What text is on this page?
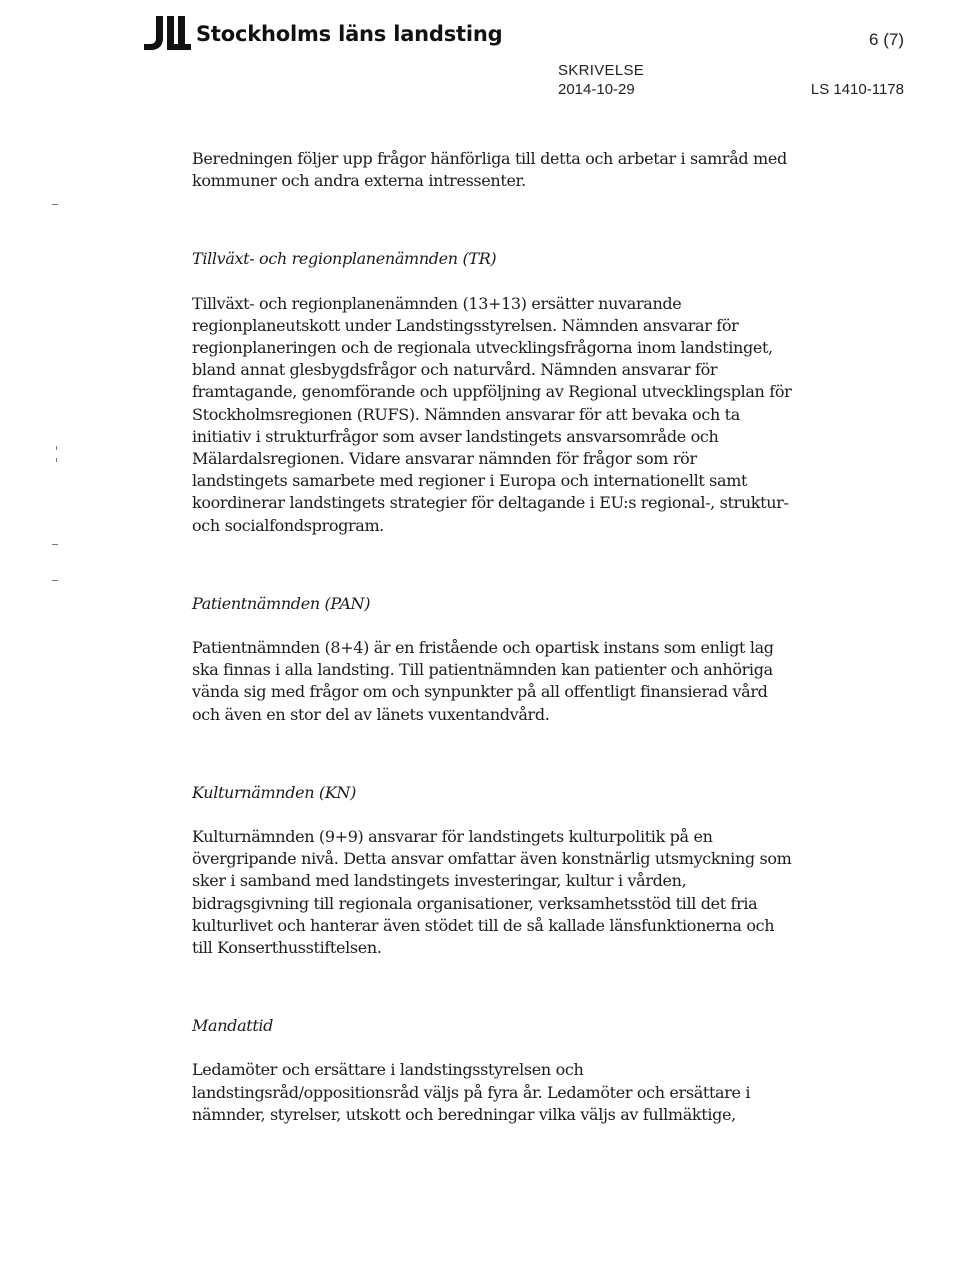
Stockholms läns landsting	6 (7)
SKRIVELSE
2014-10-29	LS 1410-1178

Beredningen följer upp frågor hänförliga till detta och arbetar i samråd med kommuner och andra externa intressenter.

Tillväxt- och regionplanenämnden (TR)

Tillväxt- och regionplanenämnden (13+13) ersätter nuvarande regionplaneutskott under Landstingsstyrelsen. Nämnden ansvarar för regionplaneringen och de regionala utvecklingsfrågorna inom landstinget, bland annat glesbygdsfrågor och naturvård. Nämnden ansvarar för framtagande, genomförande och uppföljning av Regional utvecklingsplan för Stockholmsregionen (RUFS). Nämnden ansvarar för att bevaka och ta initiativ i strukturfrågor som avser landstingets ansvarsområde och Mälardalsregionen. Vidare ansvarar nämnden för frågor som rör landstingets samarbete med regioner i Europa och internationellt samt koordinerar landstingets strategier för deltagande i EU:s regional-, struktur- och socialfondsprogram.

Patientnämnden (PAN)

Patientnämnden (8+4) är en fristående och opartisk instans som enligt lag ska finnas i alla landsting. Till patientnämnden kan patienter och anhöriga vända sig med frågor om och synpunkter på all offentligt finansierad vård och även en stor del av länets vuxentandvård.

Kulturnämnden (KN)

Kulturnämnden (9+9) ansvarar för landstingets kulturpolitik på en övergripande nivå. Detta ansvar omfattar även konstnärlig utsmyckning som sker i samband med landstingets investeringar, kultur i vården, bidragsgivning till regionala organisationer, verksamhetsstöd till det fria kulturlivet och hanterar även stödet till de så kallade länsfunktionerna och till Konserthusstiftelsen.

Mandattid

Ledamöter och ersättare i landstingsstyrelsen och landstingsråd/oppositionsråd väljs på fyra år. Ledamöter och ersättare i nämnder, styrelser, utskott och beredningar vilka väljs av fullmäktige,
